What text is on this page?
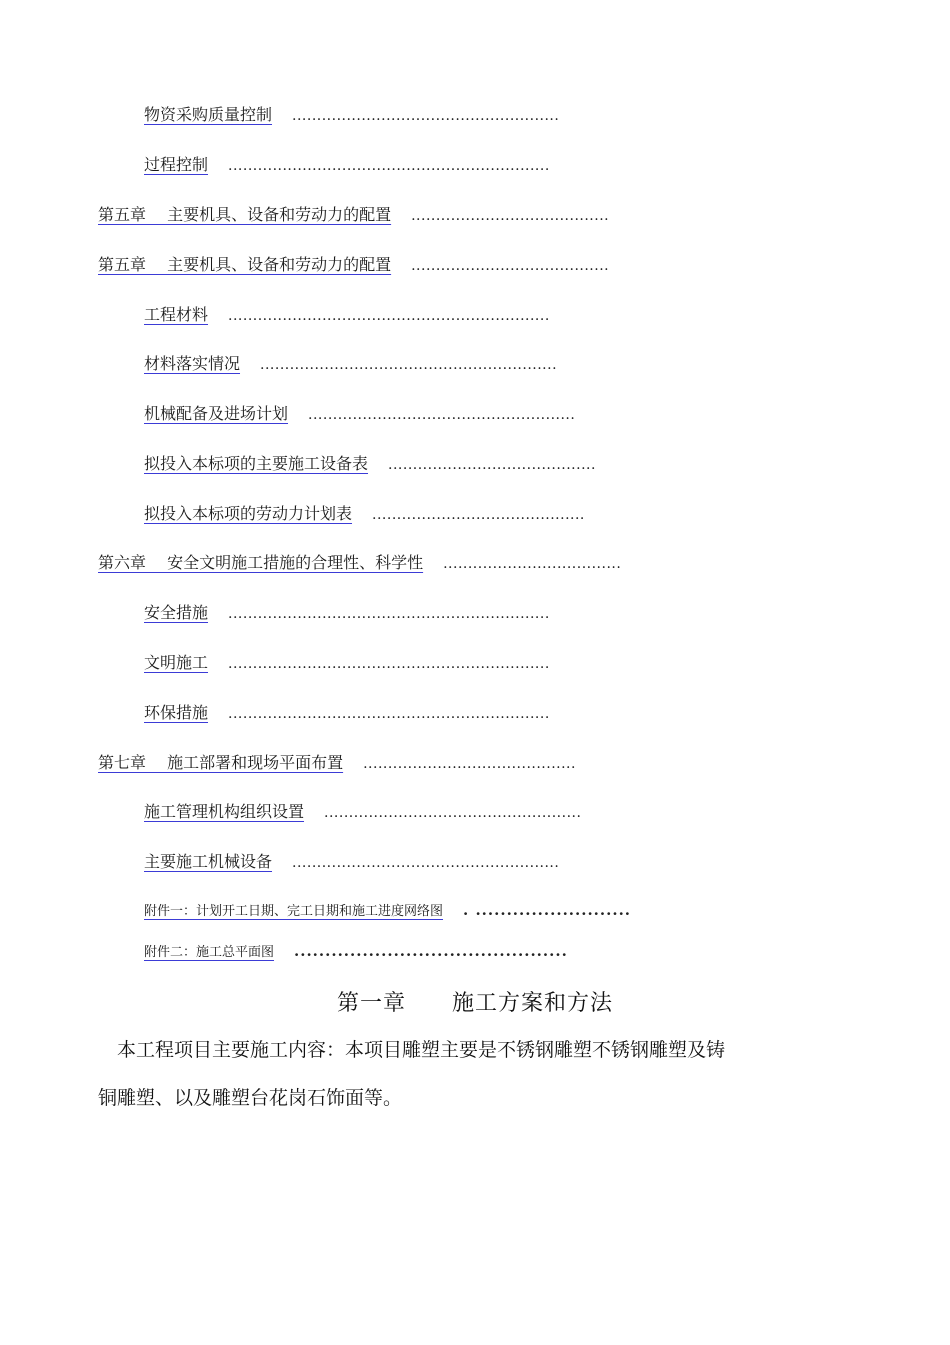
物资采购质量控制 ......................................................
过程控制 .................................................................
第五章　 主要机具、设备和劳动力的配置 ........................................
第五章　 主要机具、设备和劳动力的配置 ........................................
工程材料 .................................................................
材料落实情况 ............................................................
机械配备及进场计划 ......................................................
拟投入本标项的主要施工设备表 ..........................................
拟投入本标项的劳动力计划表 ...........................................
第六章　 安全文明施工措施的合理性、科学性 ....................................
安全措施 .................................................................
文明施工 .................................................................
环保措施 .................................................................
第七章　 施工部署和现场平面布置 ...........................................
施工管理机构组织设置 ....................................................
主要施工机械设备 ......................................................
附件一：计划开工日期、完工日期和施工进度网络图 . .........................
附件二：施工总平面图 ............................................
第一章　　施工方案和方法
　本工程项目主要施工内容：本项目雕塑主要是不锈钢雕塑不锈钢雕塑及铸
铜雕塑、以及雕塑台花岗石饰面等。
